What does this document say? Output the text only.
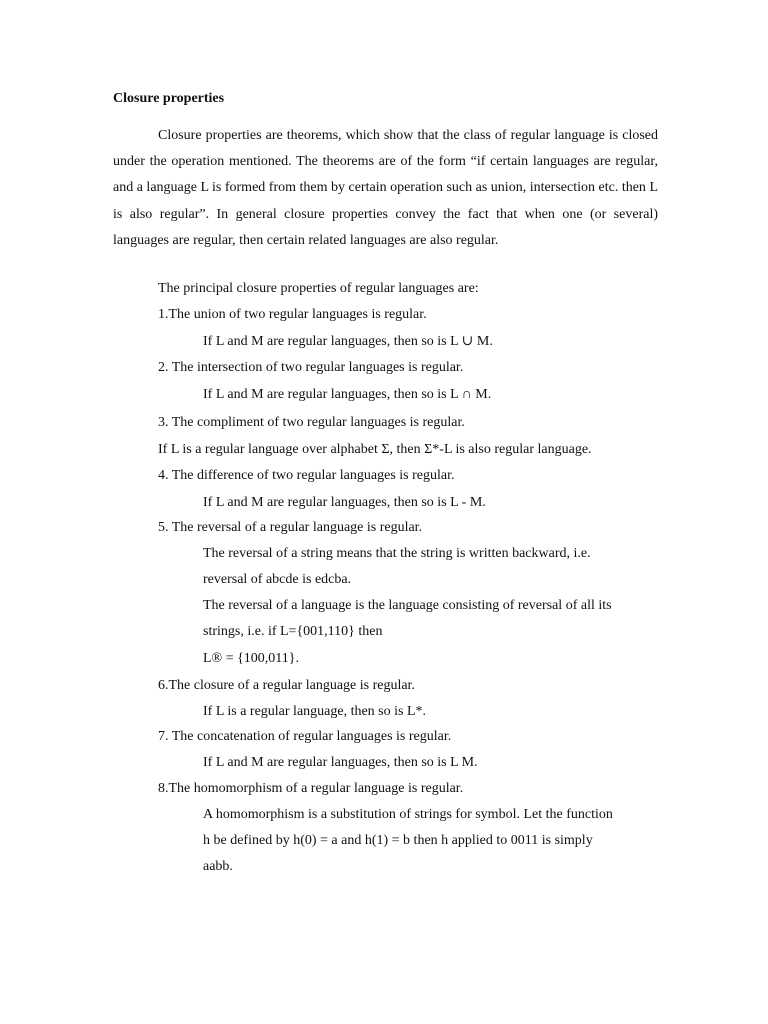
Closure properties
Closure properties are theorems, which show that the class of regular language is closed under the operation mentioned. The theorems are of the form “if certain languages are regular, and a language L is formed from them by certain operation such as union, intersection etc. then L is also regular”. In general closure properties convey the fact that when one (or several) languages are regular, then certain related languages are also regular.
The principal closure properties of regular languages are:
1.The union of two regular languages is regular.
If L and M are regular languages, then so is L ∪ M.
2. The intersection of two regular languages is regular.
If L and M are regular languages, then so is L ∩ M.
3. The compliment of two regular languages is regular.
If L is a regular language over alphabet Σ, then Σ*-L is also regular language.
4. The difference of two regular languages is regular.
If L and M are regular languages, then so is L - M.
5. The reversal of a regular language is regular.
The reversal of a string means that the string is written backward, i.e.
reversal of abcde is edcba.
The reversal of a language is the language consisting of reversal of all its
strings, i.e. if L={001,110} then
L® = {100,011}.
6.The closure of a regular language is regular.
If L is a regular language, then so is L*.
7. The concatenation of regular languages is regular.
If L and M are regular languages, then so is L M.
8.The homomorphism of a regular language is regular.
A homomorphism is a substitution of strings for symbol. Let the function
h be defined by h(0) = a and h(1) = b then h applied to 0011 is simply
aabb.
